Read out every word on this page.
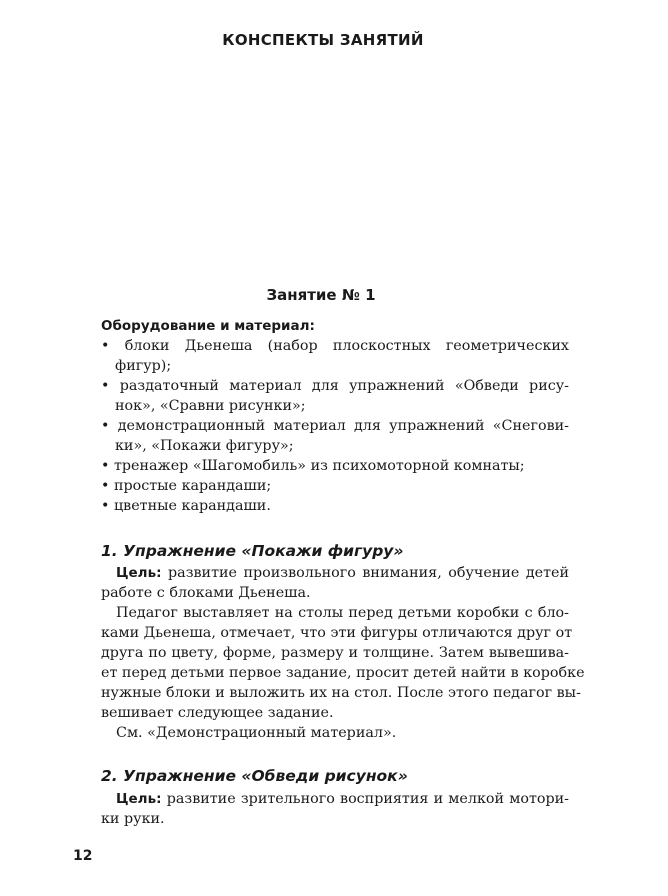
КОНСПЕКТЫ ЗАНЯТИЙ
Занятие № 1
Оборудование и материал:
• блоки Дьенеша (набор плоскостных геометрических
фигур);
• раздаточный материал для упражнений «Обведи рису-
нок», «Сравни рисунки»;
• демонстрационный материал для упражнений «Снегови-
ки», «Покажи фигуру»;
• тренажер «Шагомобиль» из психомоторной комнаты;
• простые карандаши;
• цветные карандаши.
1. Упражнение «Покажи фигуру»
Цель: развитие произвольного внимания, обучение детей
работе с блоками Дьенеша.
Педагог выставляет на столы перед детьми коробки с бло-
ками Дьенеша, отмечает, что эти фигуры отличаются друг от
друга по цвету, форме, размеру и толщине. Затем вывешива-
ет перед детьми первое задание, просит детей найти в коробке
нужные блоки и выложить их на стол. После этого педагог вы-
вешивает следующее задание.
См. «Демонстрационный материал».
2. Упражнение «Обведи рисунок»
Цель: развитие зрительного восприятия и мелкой мотори-
ки руки.
12
